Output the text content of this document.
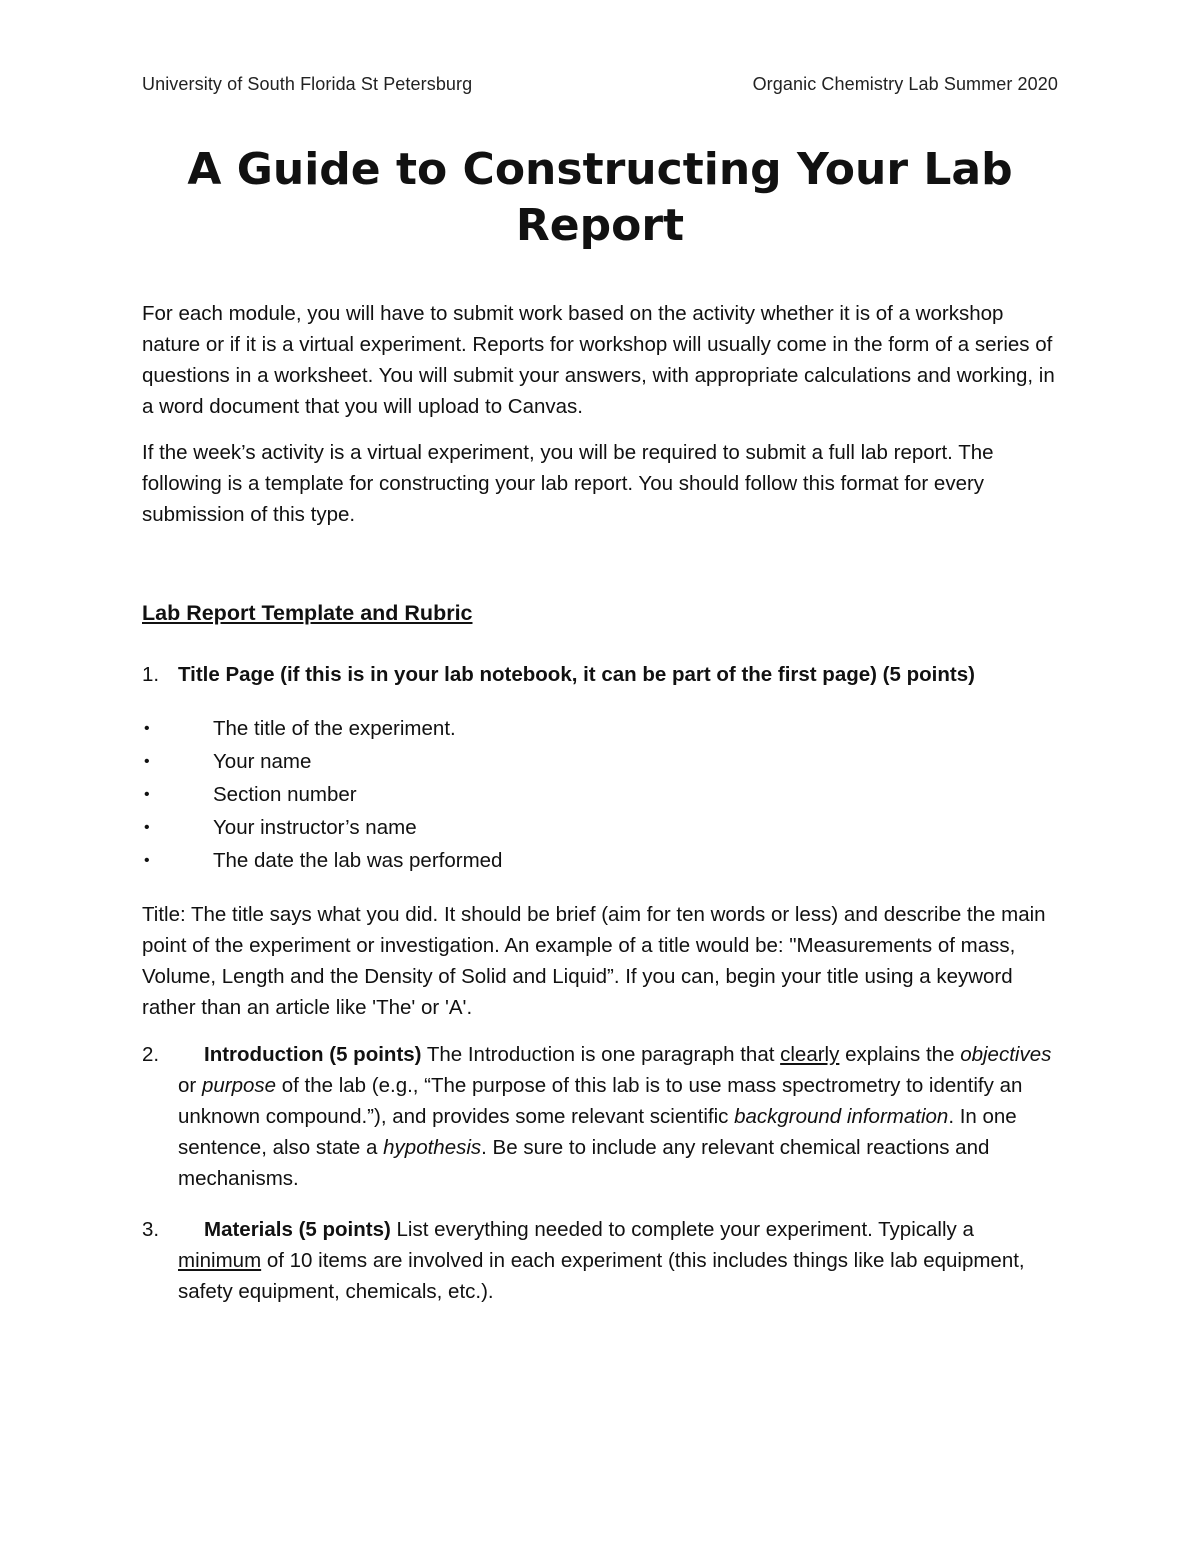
University of South Florida St Petersburg	Organic Chemistry Lab Summer 2020
A Guide to Constructing Your Lab Report

For each module, you will have to submit work based on the activity whether it is of a workshop nature or if it is a virtual experiment. Reports for workshop will usually come in the form of a series of questions in a worksheet. You will submit your answers, with appropriate calculations and working, in a word document that you will upload to Canvas.

If the week’s activity is a virtual experiment, you will be required to submit a full lab report. The following is a template for constructing your lab report. You should follow this format for every submission of this type.

Lab Report Template and Rubric

1. Title Page (if this is in your lab notebook, it can be part of the first page) (5 points)
•	The title of the experiment.
•	Your name
•	Section number
•	Your instructor’s name
•	The date the lab was performed

Title: The title says what you did. It should be brief (aim for ten words or less) and describe the main point of the experiment or investigation. An example of a title would be: "Measurements of mass, Volume, Length and the Density of Solid and Liquid”. If you can, begin your title using a keyword rather than an article like 'The' or 'A'.

2.	Introduction (5 points) The Introduction is one paragraph that clearly explains the objectives or purpose of the lab (e.g., “The purpose of this lab is to use mass spectrometry to identify an unknown compound.”), and provides some relevant scientific background information. In one sentence, also state a hypothesis. Be sure to include any relevant chemical reactions and mechanisms.
3.	Materials (5 points) List everything needed to complete your experiment. Typically a minimum of 10 items are involved in each experiment (this includes things like lab equipment, safety equipment, chemicals, etc.).
